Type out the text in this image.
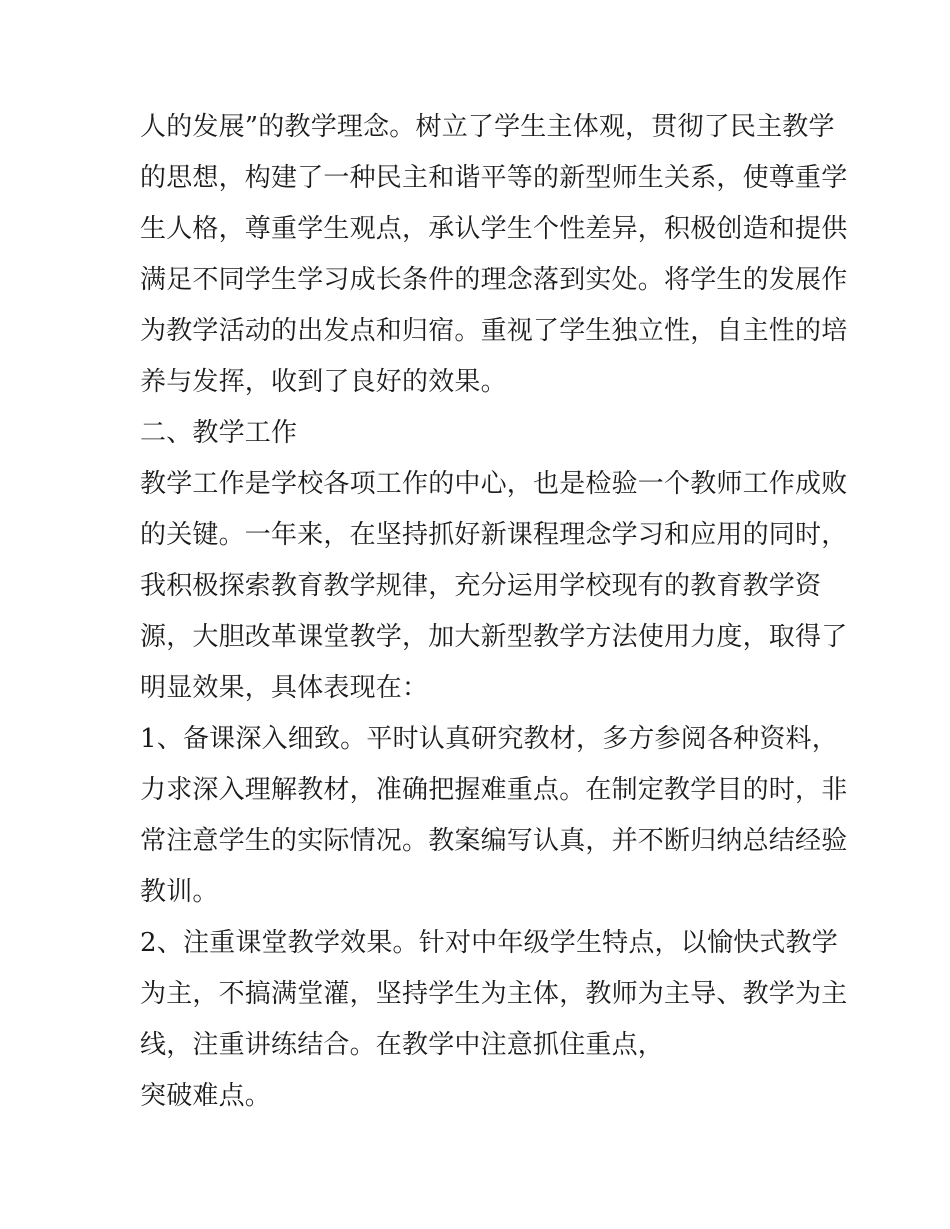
人的发展”的教学理念。树立了学生主体观，贯彻了民主教学
的思想，构建了一种民主和谐平等的新型师生关系，使尊重学
生人格，尊重学生观点，承认学生个性差异，积极创造和提供
满足不同学生学习成长条件的理念落到实处。将学生的发展作
为教学活动的出发点和归宿。重视了学生独立性，自主性的培
养与发挥，收到了良好的效果。
二、教学工作
教学工作是学校各项工作的中心，也是检验一个教师工作成败
的关键。一年来，在坚持抓好新课程理念学习和应用的同时，
我积极探索教育教学规律，充分运用学校现有的教育教学资
源，大胆改革课堂教学，加大新型教学方法使用力度，取得了
明显效果，具体表现在：
1、备课深入细致。平时认真研究教材，多方参阅各种资料，
力求深入理解教材，准确把握难重点。在制定教学目的时，非
常注意学生的实际情况。教案编写认真，并不断归纳总结经验
教训。
2、注重课堂教学效果。针对中年级学生特点，以愉快式教学
为主，不搞满堂灌，坚持学生为主体，教师为主导、教学为主
线，注重讲练结合。在教学中注意抓住重点，
突破难点。
